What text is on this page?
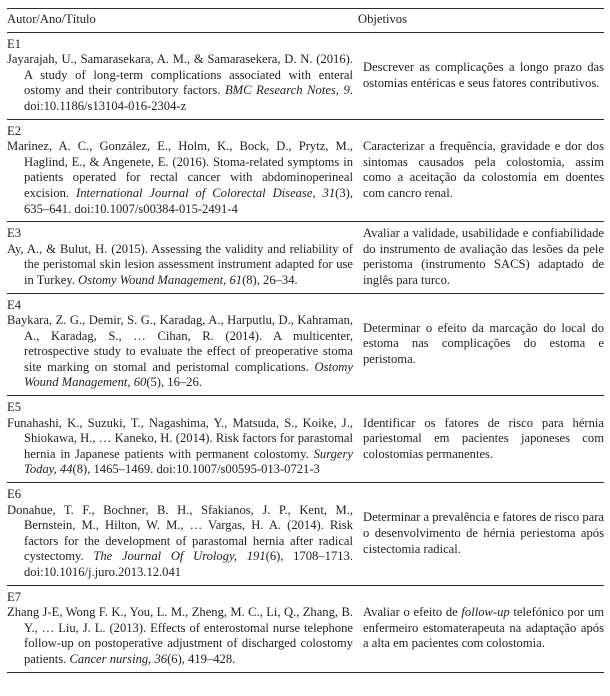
Autor/Ano/Título	Objetivos
E1

Jayarajah, U., Samarasekara, A. M., & Samarasekera, D. N. (2016). A study of long-term complications associated with enteral ostomy and their contributory factors. BMC Research Notes, 9. doi:10.1186/s13104-016-2304-z

Descrever as complicações a longo prazo das ostomias entéricas e seus fatores contributivos.
E2

Marinez, A. C., González, E., Holm, K., Bock, D., Prytz, M., Haglind, E., & Angenete, E. (2016). Stoma-related symptoms in patients operated for rectal cancer with abdominoperineal excision. International Journal of Colorectal Disease, 31(3), 635–641. doi:10.1007/s00384-015-2491-4

Caracterizar a frequência, gravidade e dor dos sintomas causados pela colostomia, assim como a aceitação da colostomia em doentes com cancro renal.
E3

Ay, A., & Bulut, H. (2015). Assessing the validity and reliability of the peristomal skin lesion assessment instrument adapted for use in Turkey. Ostomy Wound Management, 61(8), 26–34.

Avaliar a validade, usabilidade e confiabilidade do instrumento de avaliação das lesões da pele peristoma (instrumento SACS) adaptado de inglês para turco.
E4

Baykara, Z. G., Demir, S. G., Karadag, A., Harputlu, D., Kahraman, A., Karadag, S., … Cihan, R. (2014). A multicenter, retrospective study to evaluate the effect of preoperative stoma site marking on stomal and peristomal complications. Ostomy Wound Management, 60(5), 16–26.

Determinar o efeito da marcação do local do estoma nas complicações do estoma e peristoma.
E5

Funahashi, K., Suzuki, T., Nagashima, Y., Matsuda, S., Koike, J., Shiokawa, H., … Kaneko, H. (2014). Risk factors for parastomal hernia in Japanese patients with permanent colostomy. Surgery Today, 44(8), 1465–1469. doi:10.1007/s00595-013-0721-3

Identificar os fatores de risco para hérnia pariestomal em pacientes japoneses com colostomias permanentes.
E6

Donahue, T. F., Bochner, B. H., Sfakianos, J. P., Kent, M., Bernstein, M., Hilton, W. M., … Vargas, H. A. (2014). Risk factors for the development of parastomal hernia after radical cystectomy. The Journal Of Urology, 191(6), 1708–1713. doi:10.1016/j.juro.2013.12.041

Determinar a prevalência e fatores de risco para o desenvolvimento de hérnia periestoma após cistectomia radical.
E7

Zhang J-E, Wong F. K., You, L. M., Zheng, M. C., Li, Q., Zhang, B. Y., … Liu, J. L. (2013). Effects of enterostomal nurse telephone follow-up on postoperative adjustment of discharged colostomy patients. Cancer nursing, 36(6), 419–428.

Avaliar o efeito de follow-up telefónico por um enfermeiro estomaterapeuta na adaptação após a alta em pacientes com colostomia.
